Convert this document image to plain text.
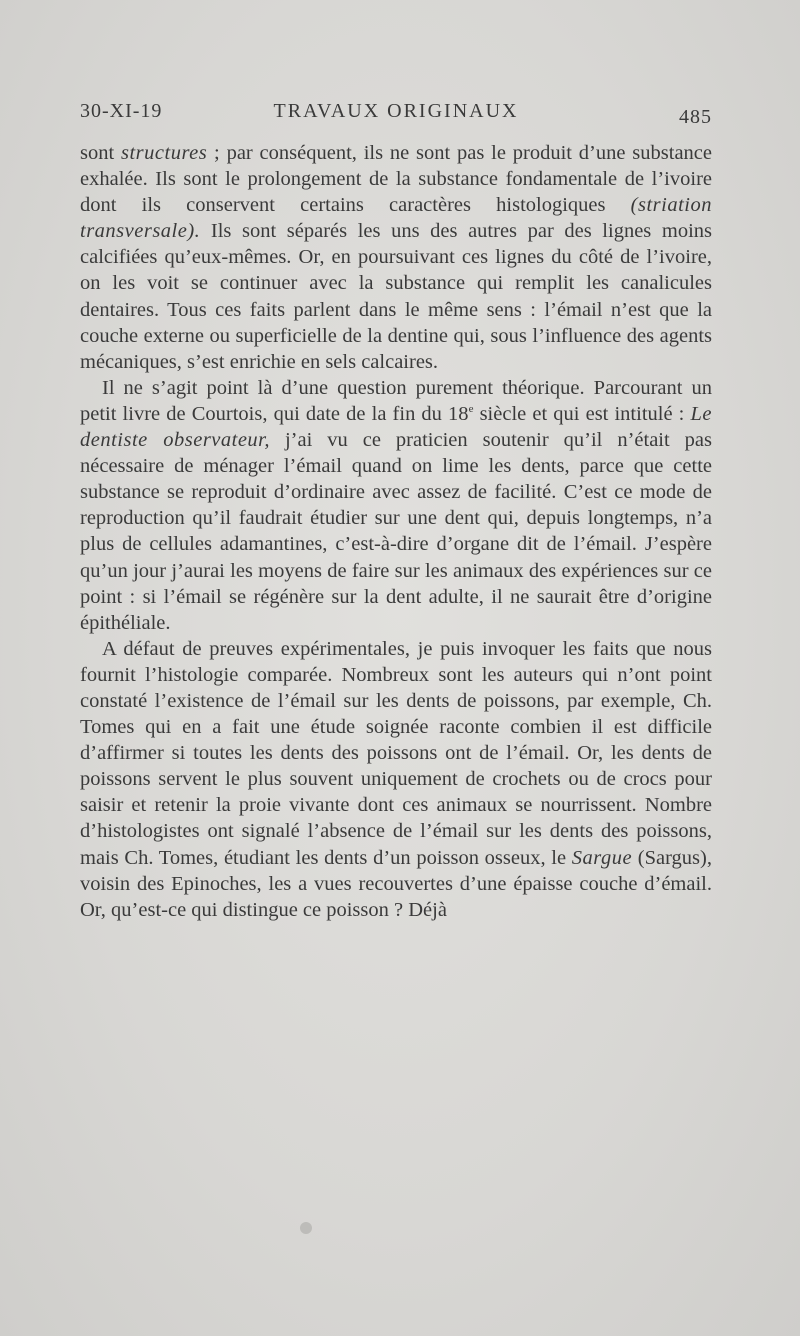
30-XI-19	TRAVAUX ORIGINAUX	485

sont structures ; par conséquent, ils ne sont pas le produit d’une substance exhalée. Ils sont le prolongement de la substance fondamentale de l’ivoire dont ils conservent certains caractères histologiques (striation transversale). Ils sont séparés les uns des autres par des lignes moins calcifiées qu’eux-mêmes. Or, en poursuivant ces lignes du côté de l’ivoire, on les voit se continuer avec la substance qui remplit les canalicules dentaires. Tous ces faits parlent dans le même sens : l’émail n’est que la couche externe ou superficielle de la dentine qui, sous l’influence des agents mécaniques, s’est enrichie en sels calcaires.

Il ne s’agit point là d’une question purement théorique. Parcourant un petit livre de Courtois, qui date de la fin du 18e siècle et qui est intitulé : Le dentiste observateur, j’ai vu ce praticien soutenir qu’il n’était pas nécessaire de ménager l’émail quand on lime les dents, parce que cette substance se reproduit d’ordinaire avec assez de facilité. C’est ce mode de reproduction qu’il faudrait étudier sur une dent qui, depuis longtemps, n’a plus de cellules adamantines, c’est-à-dire d’organe dit de l’émail. J’espère qu’un jour j’aurai les moyens de faire sur les animaux des expériences sur ce point : si l’émail se régénère sur la dent adulte, il ne saurait être d’origine épithéliale.

A défaut de preuves expérimentales, je puis invoquer les faits que nous fournit l’histologie comparée. Nombreux sont les auteurs qui n’ont point constaté l’existence de l’émail sur les dents de poissons, par exemple, Ch. Tomes qui en a fait une étude soignée raconte combien il est difficile d’affirmer si toutes les dents des poissons ont de l’émail. Or, les dents de poissons servent le plus souvent uniquement de crochets ou de crocs pour saisir et retenir la proie vivante dont ces animaux se nourrissent. Nombre d’histologistes ont signalé l’absence de l’émail sur les dents des poissons, mais Ch. Tomes, étudiant les dents d’un poisson osseux, le Sargue (Sargus), voisin des Epinoches, les a vues recouvertes d’une épaisse couche d’émail. Or, qu’est-ce qui distingue ce poisson ? Déjà
